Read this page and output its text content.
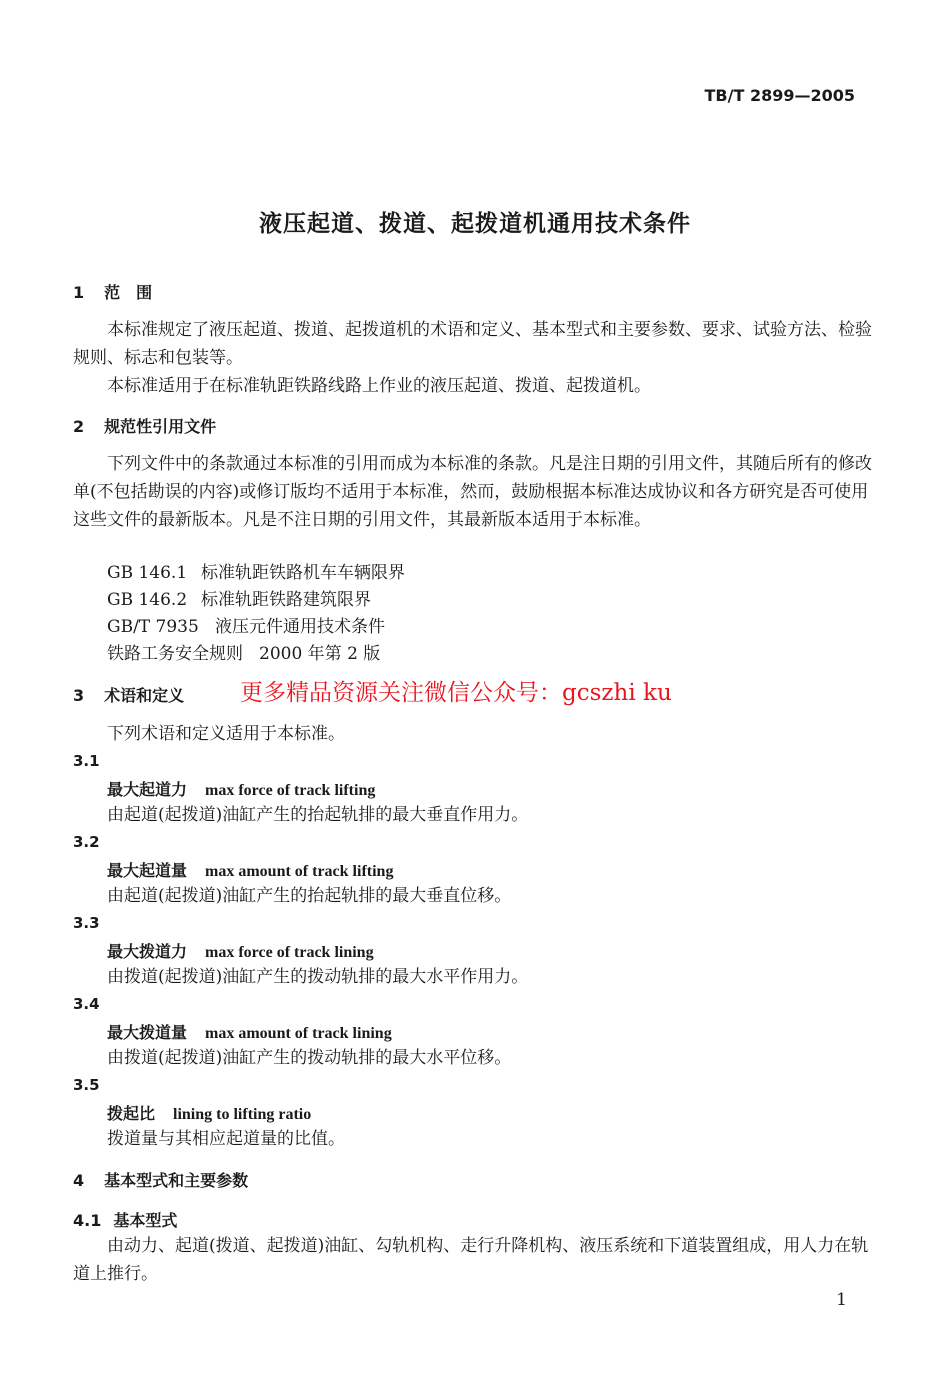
TB/T 2899—2005
液压起道、拨道、起拨道机通用技术条件
1 范　围
本标准规定了液压起道、拨道、起拨道机的术语和定义、基本型式和主要参数、要求、试验方法、检验规则、标志和包装等。
本标准适用于在标准轨距铁路线路上作业的液压起道、拨道、起拨道机。
2 规范性引用文件
下列文件中的条款通过本标准的引用而成为本标准的条款。凡是注日期的引用文件，其随后所有的修改单(不包括勘误的内容)或修订版均不适用于本标准，然而，鼓励根据本标准达成协议和各方研究是否可使用这些文件的最新版本。凡是不注日期的引用文件，其最新版本适用于本标准。
GB 146.1 标准轨距铁路机车车辆限界
GB 146.2 标准轨距铁路建筑限界
GB/T 7935 液压元件通用技术条件
铁路工务安全规则 2000 年第 2 版
3 术语和定义 更多精品资源关注微信公众号：gcszhi ku
下列术语和定义适用于本标准。
3.1
最大起道力 max force of track lifting
由起道(起拨道)油缸产生的抬起轨排的最大垂直作用力。
3.2
最大起道量 max amount of track lifting
由起道(起拨道)油缸产生的抬起轨排的最大垂直位移。
3.3
最大拨道力 max force of track lining
由拨道(起拨道)油缸产生的拨动轨排的最大水平作用力。
3.4
最大拨道量 max amount of track lining
由拨道(起拨道)油缸产生的拨动轨排的最大水平位移。
3.5
拨起比 lining to lifting ratio
拨道量与其相应起道量的比值。
4 基本型式和主要参数
4.1 基本型式
由动力、起道(拨道、起拨道)油缸、勾轨机构、走行升降机构、液压系统和下道装置组成，用人力在轨道上推行。
1
